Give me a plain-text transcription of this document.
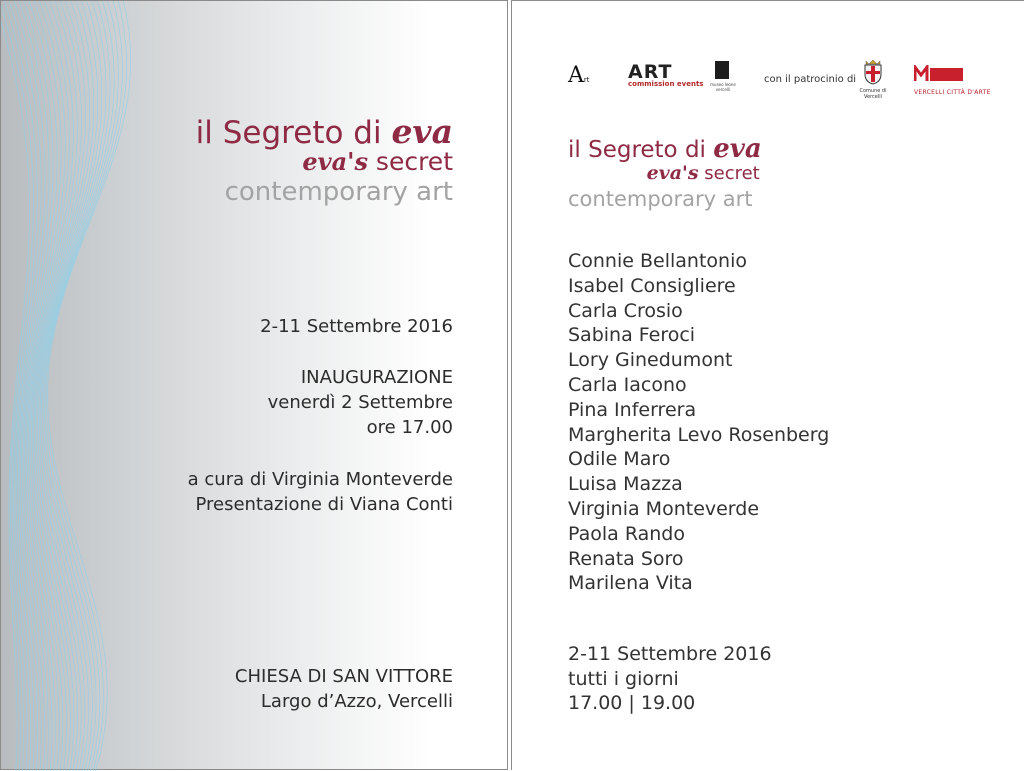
il Segreto di eva
eva's secret
contemporary art
2-11 Settembre 2016
INAUGURAZIONE
venerdì 2 Settembre
ore 17.00
a cura di Virginia Monteverde
Presentazione di Viana Conti
CHIESA DI SAN VITTORE
Largo d’Azzo, Vercelli
Art ART
commission events museo leone vercelli
con il patrocinio di
Comune di Vercelli
VERCELLI CITTÀ D'ARTE
il Segreto di eva
eva's secret
contemporary art
Connie Bellantonio
Isabel Consigliere
Carla Crosio
Sabina Feroci
Lory Ginedumont
Carla Iacono
Pina Inferrera
Margherita Levo Rosenberg
Odile Maro
Luisa Mazza
Virginia Monteverde
Paola Rando
Renata Soro
Marilena Vita
2-11 Settembre 2016
tutti i giorni
17.00 | 19.00
